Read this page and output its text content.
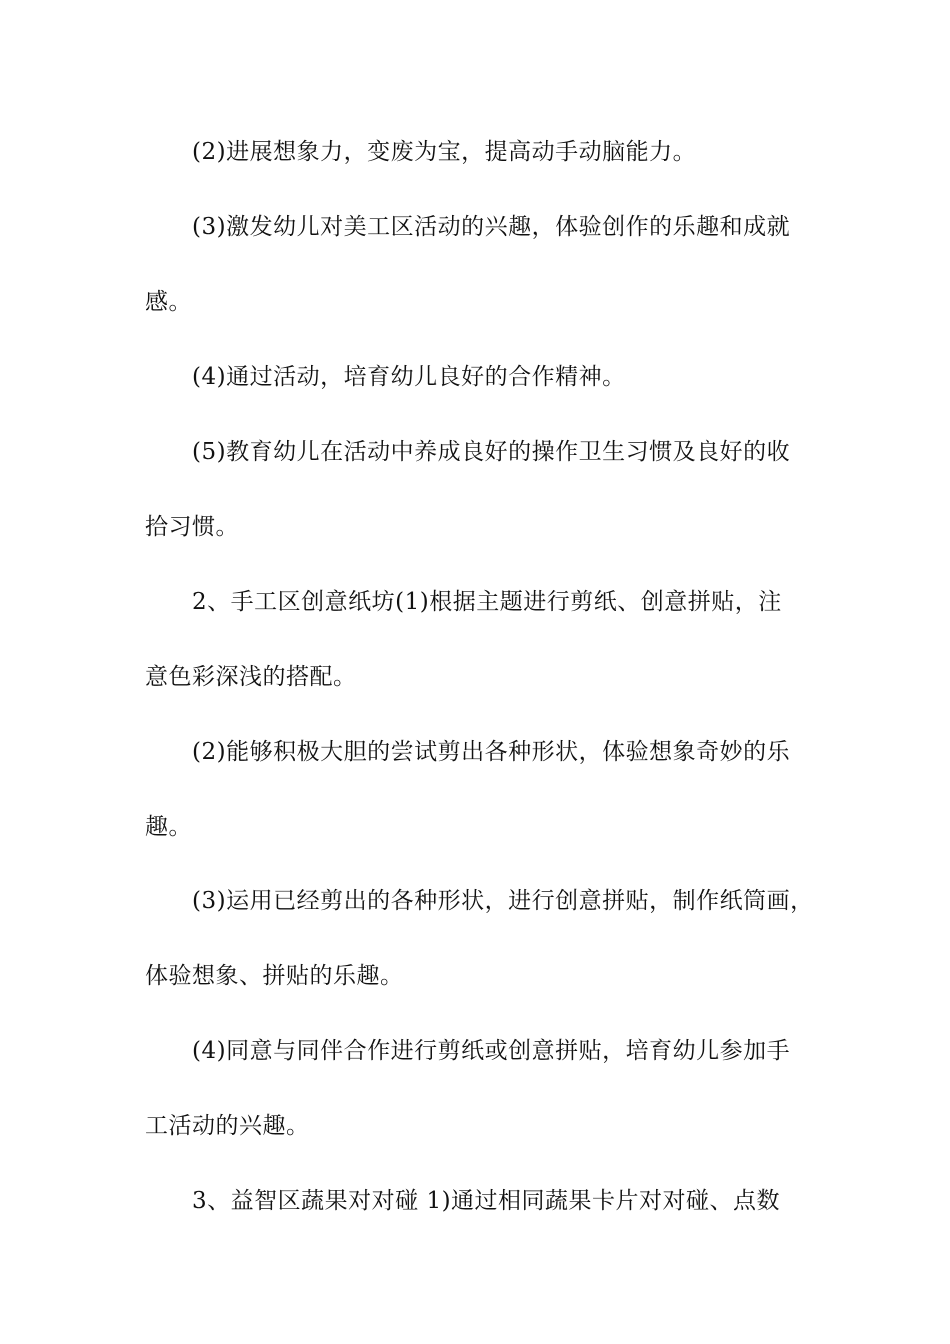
(2)进展想象力，变废为宝，提高动手动脑能力。
(3)激发幼儿对美工区活动的兴趣，体验创作的乐趣和成就
感。
(4)通过活动，培育幼儿良好的合作精神。
(5)教育幼儿在活动中养成良好的操作卫生习惯及良好的收
拾习惯。
2、手工区创意纸坊(1)根据主题进行剪纸、创意拼贴，注
意色彩深浅的搭配。
(2)能够积极大胆的尝试剪出各种形状，体验想象奇妙的乐
趣。
(3)运用已经剪出的各种形状，进行创意拼贴，制作纸筒画，
体验想象、拼贴的乐趣。
(4)同意与同伴合作进行剪纸或创意拼贴，培育幼儿参加手
工活动的兴趣。
3、益智区蔬果对对碰 1)通过相同蔬果卡片对对碰、点数
